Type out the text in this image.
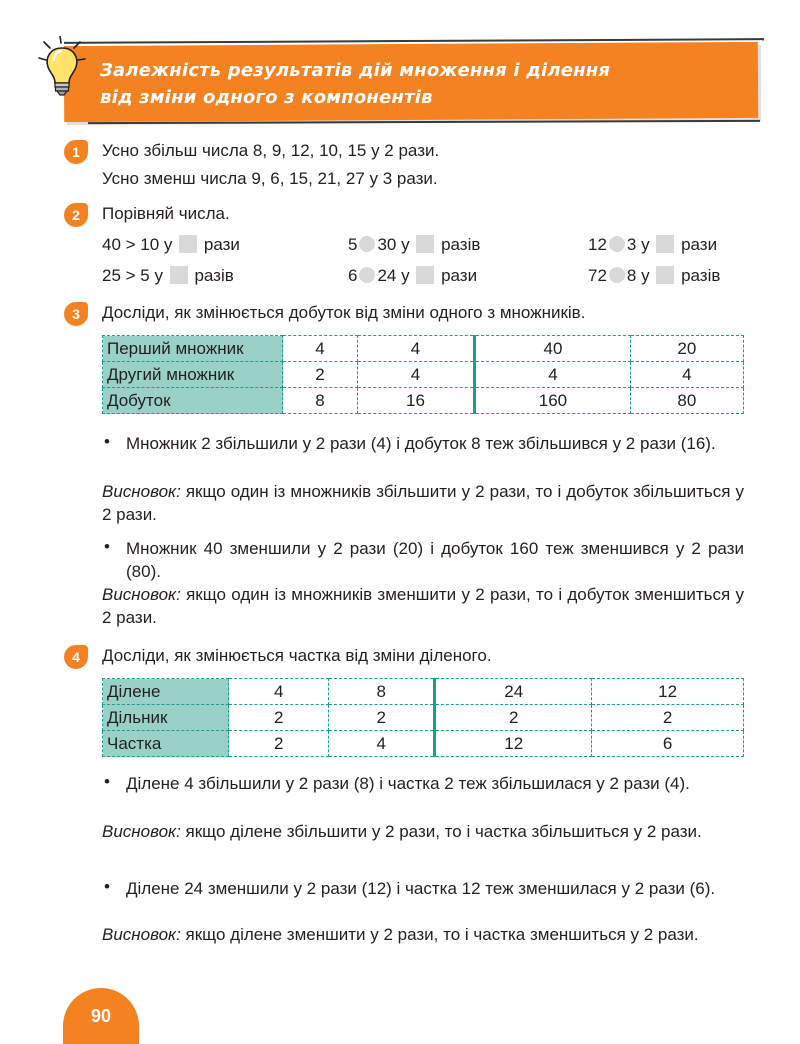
Залежність результатів дій множення і ділення
від зміни одного з компонентів
1	Усно збільш числа 8, 9, 12, 10, 15 у 2 рази.
Усно зменш числа 9, 6, 15, 21, 27 у 3 рази.
2	Порівняй числа.
40 > 10 у рази	5 30 у разів	12 3 у рази
25 > 5 у разів	6 24 у рази	72 8 у разів
3	Досліди, як змінюється добуток від зміни одного з множників.
Перший множник	4	4	40	20
Другий множник	2	4	4	4
Добуток	8	16	160	80
• Множник 2 збільшили у 2 рази (4) і добуток 8 теж збільшився у 2 рази (16).
Висновок: якщо один із множників збільшити у 2 рази, то і добуток збільшиться у 2 рази.
• Множник 40 зменшили у 2 рази (20) і добуток 160 теж зменшився у 2 рази (80).
Висновок: якщо один із множників зменшити у 2 рази, то і добуток зменшиться у 2 рази.
4	Досліди, як змінюється частка від зміни діленого.
Ділене	4	8	24	12
Дільник	2	2	2	2
Частка	2	4	12	6
• Ділене 4 збільшили у 2 рази (8) і частка 2 теж збільшилася у 2 рази (4).
Висновок: якщо ділене збільшити у 2 рази, то і частка збільшиться у 2 рази.
• Ділене 24 зменшили у 2 рази (12) і частка 12 теж зменшилася у 2 рази (6).
Висновок: якщо ділене зменшити у 2 рази, то і частка зменшиться у 2 рази.
90
